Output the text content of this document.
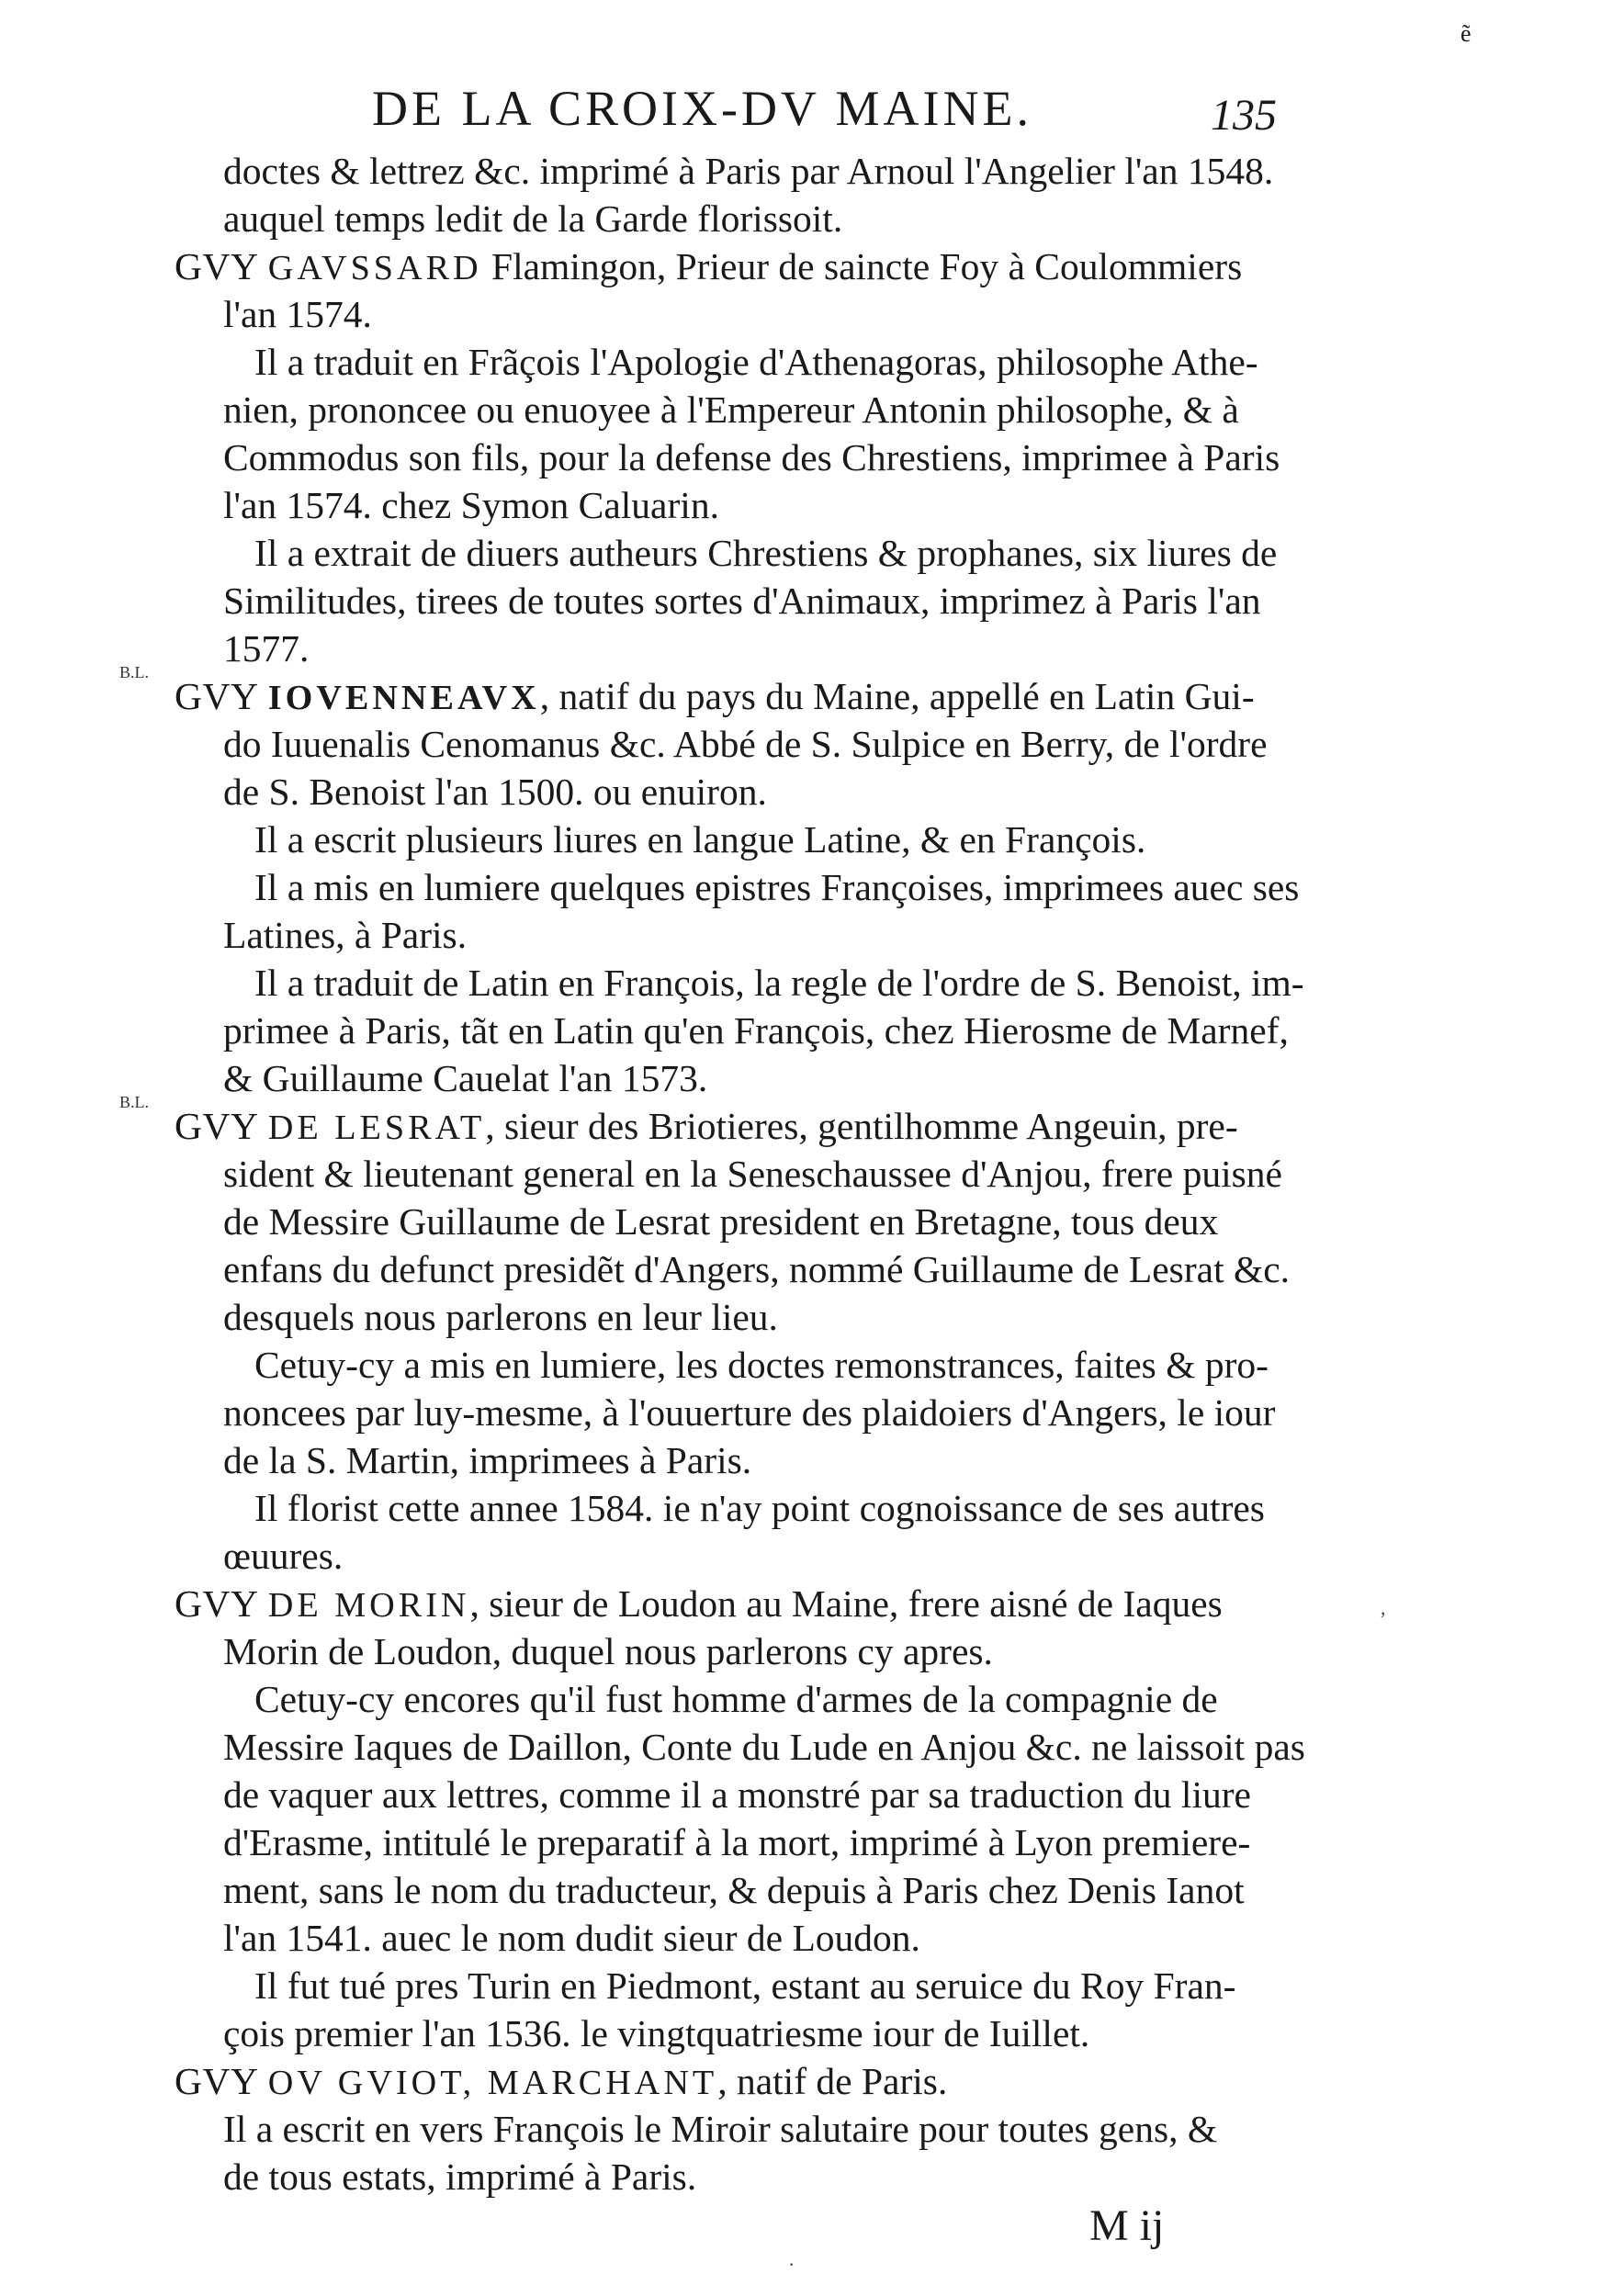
ẽ
DE LA CROIX-DV MAINE.	135
doctes & lettrez &c. imprimé à Paris par Arnoul l'Angelier l'an 1548.
auquel temps ledit de la Garde florissoit.
GVY GAVSSARD Flamingon, Prieur de saincte Foy à Coulommiers
l'an 1574.
Il a traduit en Frãçois l'Apologie d'Athenagoras, philosophe Athe-
nien, prononcee ou enuoyee à l'Empereur Antonin philosophe, & à
Commodus son fils, pour la defense des Chrestiens, imprimee à Paris
l'an 1574. chez Symon Caluarin.
Il a extrait de diuers autheurs Chrestiens & prophanes, six liures de
Similitudes, tirees de toutes sortes d'Animaux, imprimez à Paris l'an
1577.
B.L.
GVY IOVENNEAVX, natif du pays du Maine, appellé en Latin Gui-
do Iuuenalis Cenomanus &c. Abbé de S. Sulpice en Berry, de l'ordre
de S. Benoist l'an 1500. ou enuiron.
Il a escrit plusieurs liures en langue Latine, & en François.
Il a mis en lumiere quelques epistres Françoises, imprimees auec ses
Latines, à Paris.
Il a traduit de Latin en François, la regle de l'ordre de S. Benoist, im-
primee à Paris, tãt en Latin qu'en François, chez Hierosme de Marnef,
& Guillaume Cauelat l'an 1573.
B.L.
GVY DE LESRAT, sieur des Briotieres, gentilhomme Angeuin, pre-
sident & lieutenant general en la Seneschaussee d'Anjou, frere puisné
de Messire Guillaume de Lesrat president en Bretagne, tous deux
enfans du defunct presidẽt d'Angers, nommé Guillaume de Lesrat &c.
desquels nous parlerons en leur lieu.
Cetuy-cy a mis en lumiere, les doctes remonstrances, faites & pro-
noncees par luy-mesme, à l'ouuerture des plaidoiers d'Angers, le iour
de la S. Martin, imprimees à Paris.
Il florist cette annee 1584. ie n'ay point cognoissance de ses autres
œuures.
GVY DE MORIN, sieur de Loudon au Maine, frere aisné de Iaques
Morin de Loudon, duquel nous parlerons cy apres.
Cetuy-cy encores qu'il fust homme d'armes de la compagnie de
Messire Iaques de Daillon, Conte du Lude en Anjou &c. ne laissoit pas
de vaquer aux lettres, comme il a monstré par sa traduction du liure
d'Erasme, intitulé le preparatif à la mort, imprimé à Lyon premiere-
ment, sans le nom du traducteur, & depuis à Paris chez Denis Ianot
l'an 1541. auec le nom dudit sieur de Loudon.
Il fut tué pres Turin en Piedmont, estant au seruice du Roy Fran-
çois premier l'an 1536. le vingtquatriesme iour de Iuillet.
GVY OV GVIOT, MARCHANT, natif de Paris.
Il a escrit en vers François le Miroir salutaire pour toutes gens, &
de tous estats, imprimé à Paris.
M ij
,
·
